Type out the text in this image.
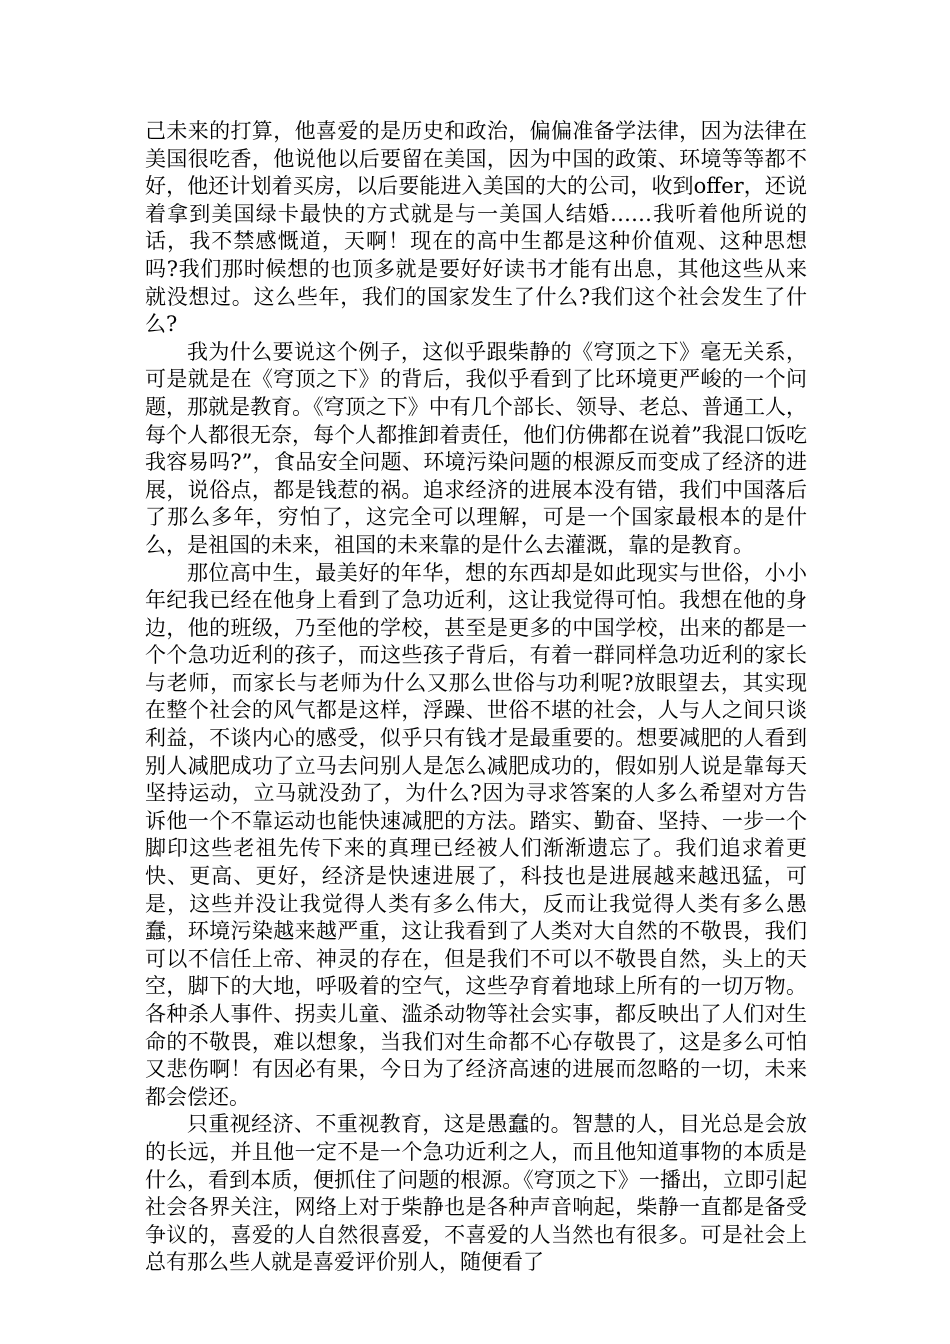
己未来的打算，他喜爱的是历史和政治，偏偏准备学法律，因为法律在美国很吃香，他说他以后要留在美国，因为中国的政策、环境等等都不好，他还计划着买房，以后要能进入美国的大的公司，收到offer，还说着拿到美国绿卡最快的方式就是与一美国人结婚……我听着他所说的话，我不禁感慨道，天啊！现在的高中生都是这种价值观、这种思想吗?我们那时候想的也顶多就是要好好读书才能有出息，其他这些从来就没想过。这么些年，我们的国家发生了什么?我们这个社会发生了什么?

我为什么要说这个例子，这似乎跟柴静的《穹顶之下》毫无关系，可是就是在《穹顶之下》的背后，我似乎看到了比环境更严峻的一个问题，那就是教育。《穹顶之下》中有几个部长、领导、老总、普通工人，每个人都很无奈，每个人都推卸着责任，他们仿佛都在说着”我混口饭吃我容易吗?”，食品安全问题、环境污染问题的根源反而变成了经济的进展，说俗点，都是钱惹的祸。追求经济的进展本没有错，我们中国落后了那么多年，穷怕了，这完全可以理解，可是一个国家最根本的是什么，是祖国的未来，祖国的未来靠的是什么去灌溉，靠的是教育。

那位高中生，最美好的年华，想的东西却是如此现实与世俗，小小年纪我已经在他身上看到了急功近利，这让我觉得可怕。我想在他的身边，他的班级，乃至他的学校，甚至是更多的中国学校，出来的都是一个个急功近利的孩子，而这些孩子背后，有着一群同样急功近利的家长与老师，而家长与老师为什么又那么世俗与功利呢?放眼望去，其实现在整个社会的风气都是这样，浮躁、世俗不堪的社会，人与人之间只谈利益，不谈内心的感受，似乎只有钱才是最重要的。想要减肥的人看到别人减肥成功了立马去问别人是怎么减肥成功的，假如别人说是靠每天坚持运动，立马就没劲了，为什么?因为寻求答案的人多么希望对方告诉他一个不靠运动也能快速减肥的方法。踏实、勤奋、坚持、一步一个脚印这些老祖先传下来的真理已经被人们渐渐遗忘了。我们追求着更快、更高、更好，经济是快速进展了，科技也是进展越来越迅猛，可是，这些并没让我觉得人类有多么伟大，反而让我觉得人类有多么愚蠢，环境污染越来越严重，这让我看到了人类对大自然的不敬畏，我们可以不信任上帝、神灵的存在，但是我们不可以不敬畏自然，头上的天空，脚下的大地，呼吸着的空气，这些孕育着地球上所有的一切万物。各种杀人事件、拐卖儿童、滥杀动物等社会实事，都反映出了人们对生命的不敬畏，难以想象，当我们对生命都不心存敬畏了，这是多么可怕又悲伤啊！有因必有果，今日为了经济高速的进展而忽略的一切，未来都会偿还。

只重视经济、不重视教育，这是愚蠢的。智慧的人，目光总是会放的长远，并且他一定不是一个急功近利之人，而且他知道事物的本质是什么，看到本质，便抓住了问题的根源。《穹顶之下》一播出，立即引起社会各界关注，网络上对于柴静也是各种声音响起，柴静一直都是备受争议的，喜爱的人自然很喜爱，不喜爱的人当然也有很多。可是社会上总有那么些人就是喜爱评价别人，随便看了
